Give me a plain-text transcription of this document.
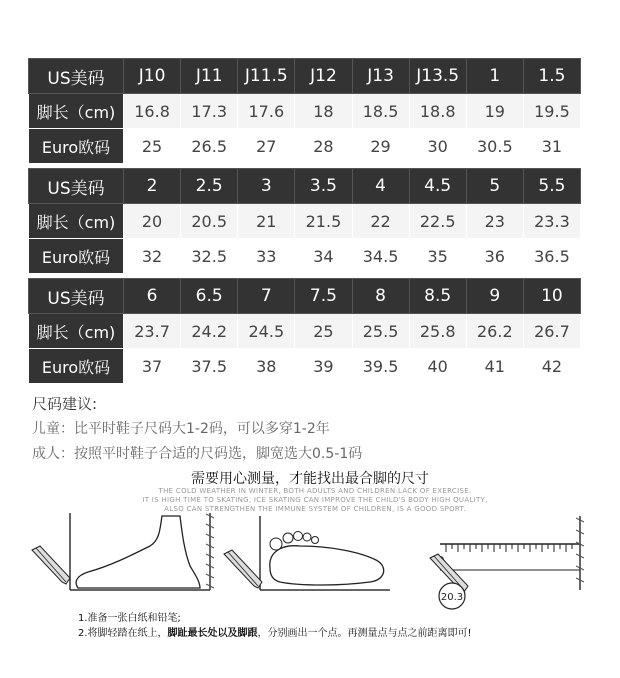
US美码	J10	J11	J11.5	J12	J13	J13.5	1	1.5
脚长（cm)	16.8	17.3	17.6	18	18.5	18.8	19	19.5
Euro欧码	25	26.5	27	28	29	30	30.5	31
US美码	2	2.5	3	3.5	4	4.5	5	5.5
脚长（cm)	20	20.5	21	21.5	22	22.5	23	23.3
Euro欧码	32	32.5	33	34	34.5	35	36	36.5
US美码	6	6.5	7	7.5	8	8.5	9	10
脚长（cm)	23.7	24.2	24.5	25	25.5	25.8	26.2	26.7
Euro欧码	37	37.5	38	39	39.5	40	41	42
尺码建议:
儿童：比平时鞋子尺码大1-2码，可以多穿1-2年
成人：按照平时鞋子合适的尺码选，脚宽选大0.5-1码
需要用心测量，才能找出最合脚的尺寸
THE COLD WEATHER IN WINTER, BOTH ADULTS AND CHILDREN LACK OF EXERCISE.
IT IS HIGH TIME TO SKATING, ICE SKATING CAN IMPROVE THE CHILD'S BODY HIGH QUALITY,
ALSO CAN STRENGTHEN THE IMMUNE SYSTEM OF CHILDREN, IS A GOOD SPORT.
20.3
1.准备一张白纸和铅笔;
2.将脚轻踏在纸上，脚趾最长处以及脚跟，分别画出一个点。再测量点与点之前距离即可!
